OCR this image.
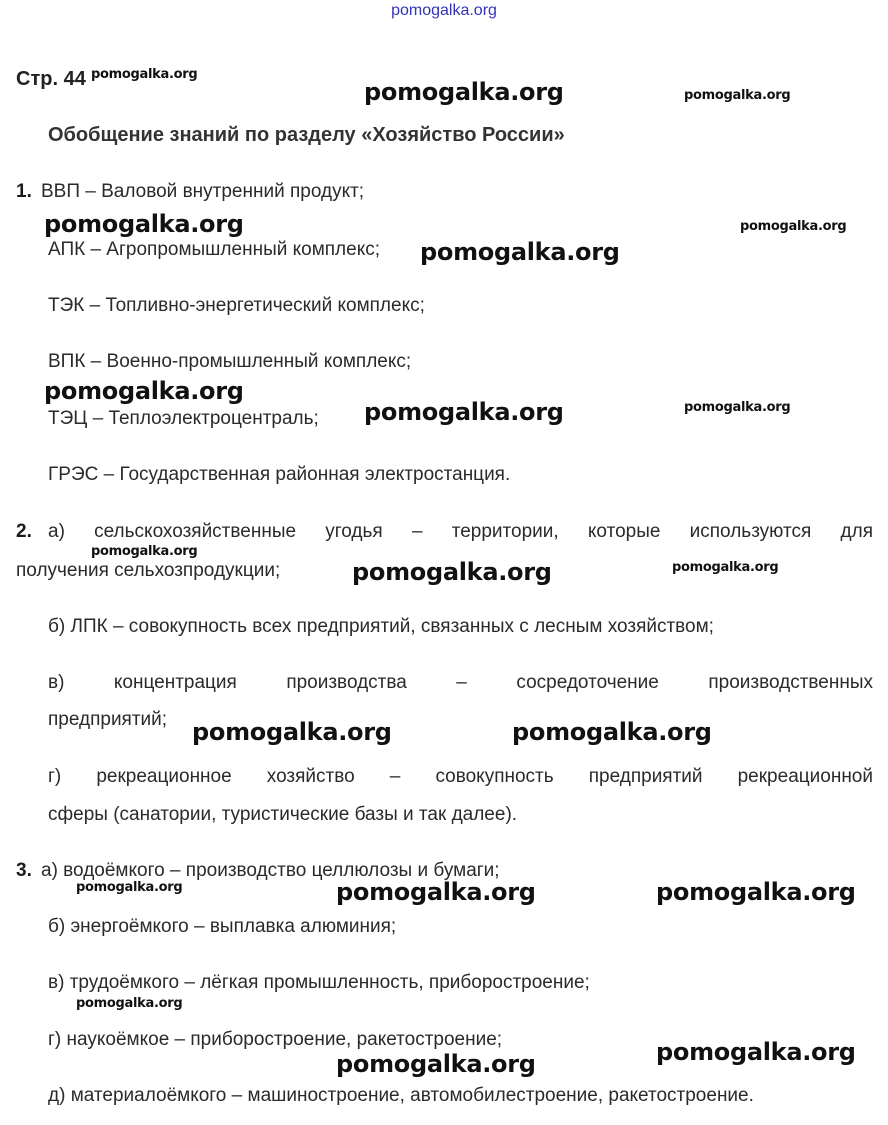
pomogalka.org
Стр. 44
Обобщение знаний по разделу «Хозяйство России»
1. ВВП – Валовой внутренний продукт;
АПК – Агропромышленный комплекс;
ТЭК – Топливно-энергетический комплекс;
ВПК – Военно-промышленный комплекс;
ТЭЦ – Теплоэлектроцентраль;
ГРЭС – Государственная районная электростанция.
2. а) сельскохозяйственные угодья – территории, которые используются для
получения сельхозпродукции;
б) ЛПК – совокупность всех предприятий, связанных с лесным хозяйством;
в) концентрация производства – сосредоточение производственных
предприятий;
г) рекреационное хозяйство – совокупность предприятий рекреационной
сферы (санатории, туристические базы и так далее).
3. а) водоёмкого – производство целлюлозы и бумаги;
б) энергоёмкого – выплавка алюминия;
в) трудоёмкого – лёгкая промышленность, приборостроение;
г) наукоёмкое – приборостроение, ракетостроение;
д) материалоёмкого – машиностроение, автомобилестроение, ракетостроение.
pomogalka.org
pomogalka.org	pomogalka.org
pomogalka.org	pomogalka.org
pomogalka.org
pomogalka.org
pomogalka.org	pomogalka.org
pomogalka.org
pomogalka.org	pomogalka.org
pomogalka.org	pomogalka.org
pomogalka.org	pomogalka.org	pomogalka.org
pomogalka.org
pomogalka.org
pomogalka.org
